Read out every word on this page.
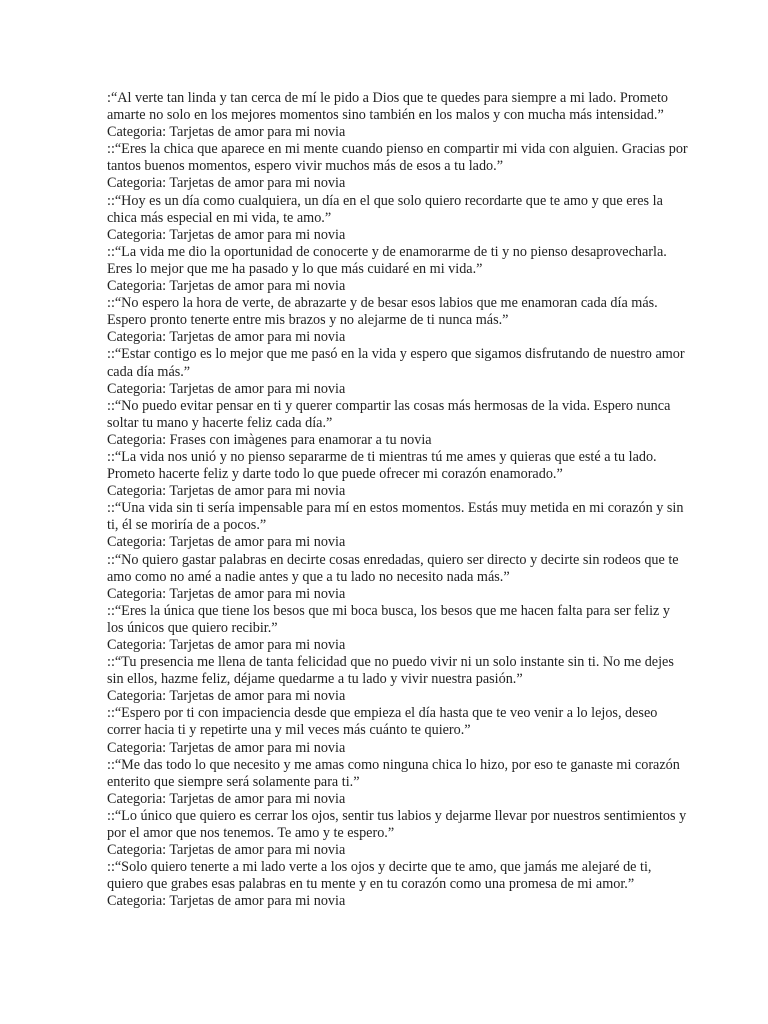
:“Al verte tan linda y tan cerca de mí le pido a Dios que te quedes para siempre a mi lado. Prometo amarte no solo en los mejores momentos sino también en los malos y con mucha más intensidad.”
Categoria: Tarjetas de amor para mi novia
::“Eres la chica que aparece en mi mente cuando pienso en compartir mi vida con alguien. Gracias por tantos buenos momentos, espero vivir muchos más de esos a tu lado.”
Categoria: Tarjetas de amor para mi novia
::“Hoy es un día como cualquiera, un día en el que solo quiero recordarte que te amo y que eres la chica más especial en mi vida, te amo.”
Categoria: Tarjetas de amor para mi novia
::“La vida me dio la oportunidad de conocerte y de enamorarme de ti y no pienso desaprovecharla. Eres lo mejor que me ha pasado y lo que más cuidaré en mi vida.”
Categoria: Tarjetas de amor para mi novia
::“No espero la hora de verte, de abrazarte y de besar esos labios que me enamoran cada día más. Espero pronto tenerte entre mis brazos y no alejarme de ti nunca más.”
Categoria: Tarjetas de amor para mi novia
::“Estar contigo es lo mejor que me pasó en la vida y espero que sigamos disfrutando de nuestro amor cada día más.”
Categoria: Tarjetas de amor para mi novia
::“No puedo evitar pensar en ti y querer compartir las cosas más hermosas de la vida. Espero nunca soltar tu mano y hacerte feliz cada día.”
Categoria: Frases con imàgenes para enamorar a tu novia
::“La vida nos unió y no pienso separarme de ti mientras tú me ames y quieras que esté a tu lado. Prometo hacerte feliz y darte todo lo que puede ofrecer mi corazón enamorado.”
Categoria: Tarjetas de amor para mi novia
::“Una vida sin ti sería impensable para mí en estos momentos. Estás muy metida en mi corazón y sin ti, él se moriría de a pocos.”
Categoria: Tarjetas de amor para mi novia
::“No quiero gastar palabras en decirte cosas enredadas, quiero ser directo y decirte sin rodeos que te amo como no amé a nadie antes y que a tu lado no necesito nada más.”
Categoria: Tarjetas de amor para mi novia
::“Eres la única que tiene los besos que mi boca busca, los besos que me hacen falta para ser feliz y los únicos que quiero recibir.”
Categoria: Tarjetas de amor para mi novia
::“Tu presencia me llena de tanta felicidad que no puedo vivir ni un solo instante sin ti. No me dejes sin ellos, hazme feliz, déjame quedarme a tu lado y vivir nuestra pasión.”
Categoria: Tarjetas de amor para mi novia
::“Espero por ti con impaciencia desde que empieza el día hasta que te veo venir a lo lejos, deseo correr hacia ti y repetirte una y mil veces más cuánto te quiero.”
Categoria: Tarjetas de amor para mi novia
::“Me das todo lo que necesito y me amas como ninguna chica lo hizo, por eso te ganaste mi corazón enterito que siempre será solamente para ti.”
Categoria: Tarjetas de amor para mi novia
::“Lo único que quiero es cerrar los ojos, sentir tus labios y dejarme llevar por nuestros sentimientos y por el amor que nos tenemos. Te amo y te espero.”
Categoria: Tarjetas de amor para mi novia
::“Solo quiero tenerte a mi lado verte a los ojos y decirte que te amo, que jamás me alejaré de ti, quiero que grabes esas palabras en tu mente y en tu corazón como una promesa de mi amor.”
Categoria: Tarjetas de amor para mi novia
